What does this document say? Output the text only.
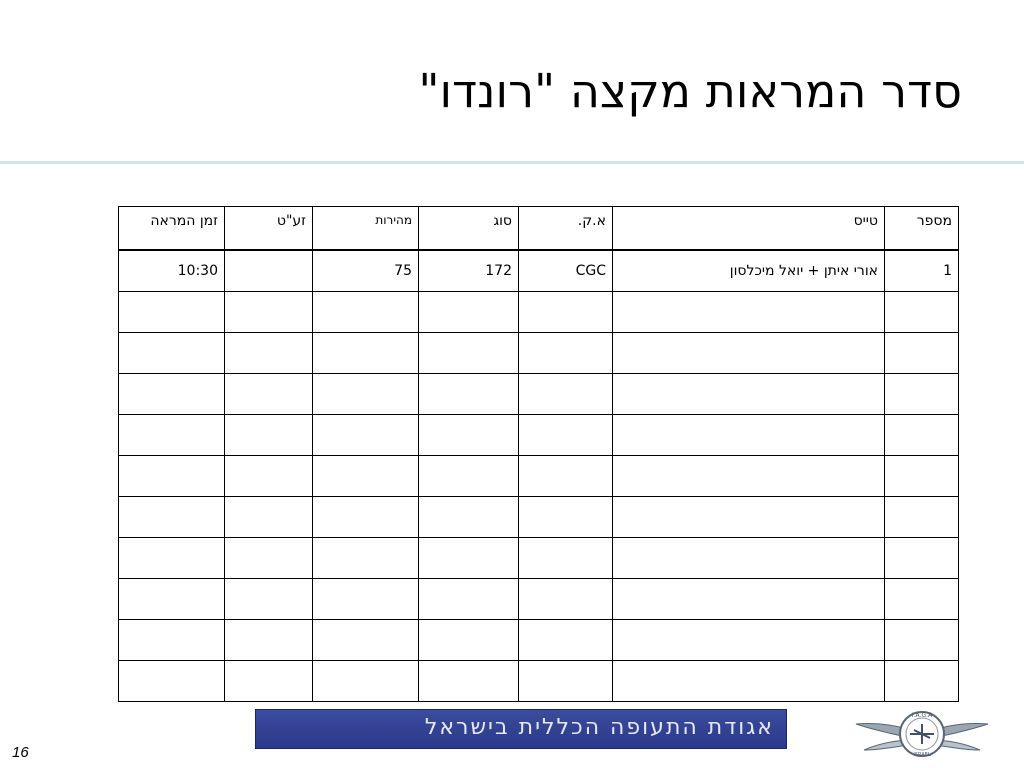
סדר המראות מקצה "רונדו"
מספר	טייס	א.ק.	סוג	מהירות	זע"ט	זמן המראה
1	אורי איתן + יואל מיכלסון	CGC	172	75		10:30

16
אגודת התעופה הכללית בישראל	I.A.G.A
ISRAEL
